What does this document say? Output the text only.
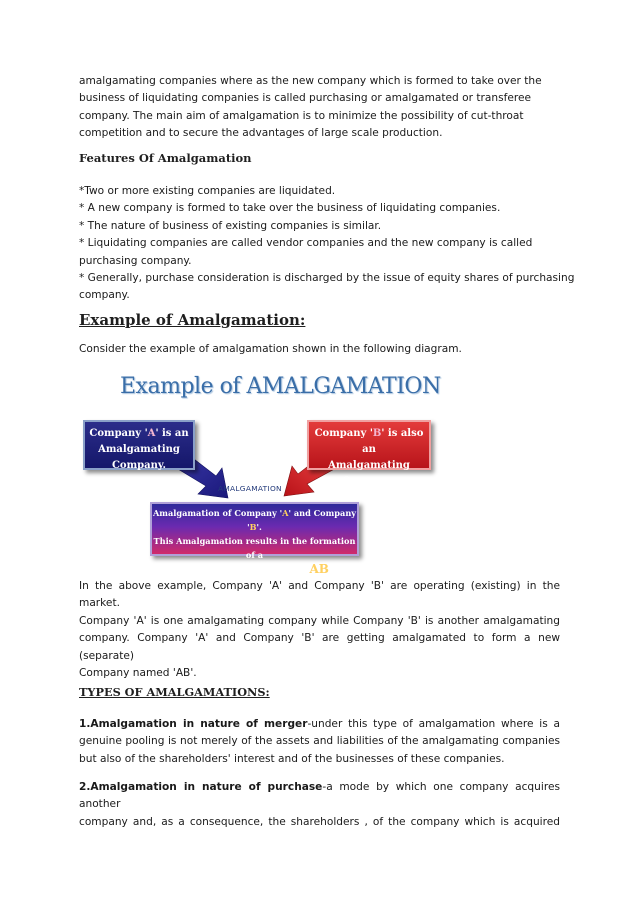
amalgamating companies where as the new company which is formed to take over the
business of liquidating companies is called purchasing or amalgamated or transferee
company. The main aim of amalgamation is to minimize the possibility of cut-throat
competition and to secure the advantages of large scale production.
Features Of Amalgamation
*Two or more existing companies are liquidated.
* A new company is formed to take over the business of liquidating companies.
* The nature of business of existing companies is similar.
* Liquidating companies are called vendor companies and the new company is called
purchasing company.
* Generally, purchase consideration is discharged by the issue of equity shares of purchasing
company.
Example of Amalgamation:
Consider the example of amalgamation shown in the following diagram.
Example of AMALGAMATION
Company 'A' is an
Amalgamating Company.
Company 'B' is also an
Amalgamating Company.
AMALGAMATION
Amalgamation of Company 'A' and Company 'B'.
This Amalgamation results in the formation of a
new Amalgamated Company 'AB'.
In the above example, Company 'A' and Company 'B' are operating (existing) in the market.
Company 'A' is one amalgamating company while Company 'B' is another amalgamating
company. Company 'A' and Company 'B' are getting amalgamated to form a new (separate)
Company named 'AB'.
TYPES OF AMALGAMATIONS:
1.Amalgamation in nature of merger-under this type of amalgamation where is a
genuine pooling is not merely of the assets and liabilities of the amalgamating companies
but also of the shareholders' interest and of the businesses of these companies.
2.Amalgamation in nature of purchase-a mode by which one company acquires another
company and, as a consequence, the shareholders , of the company which is acquired
